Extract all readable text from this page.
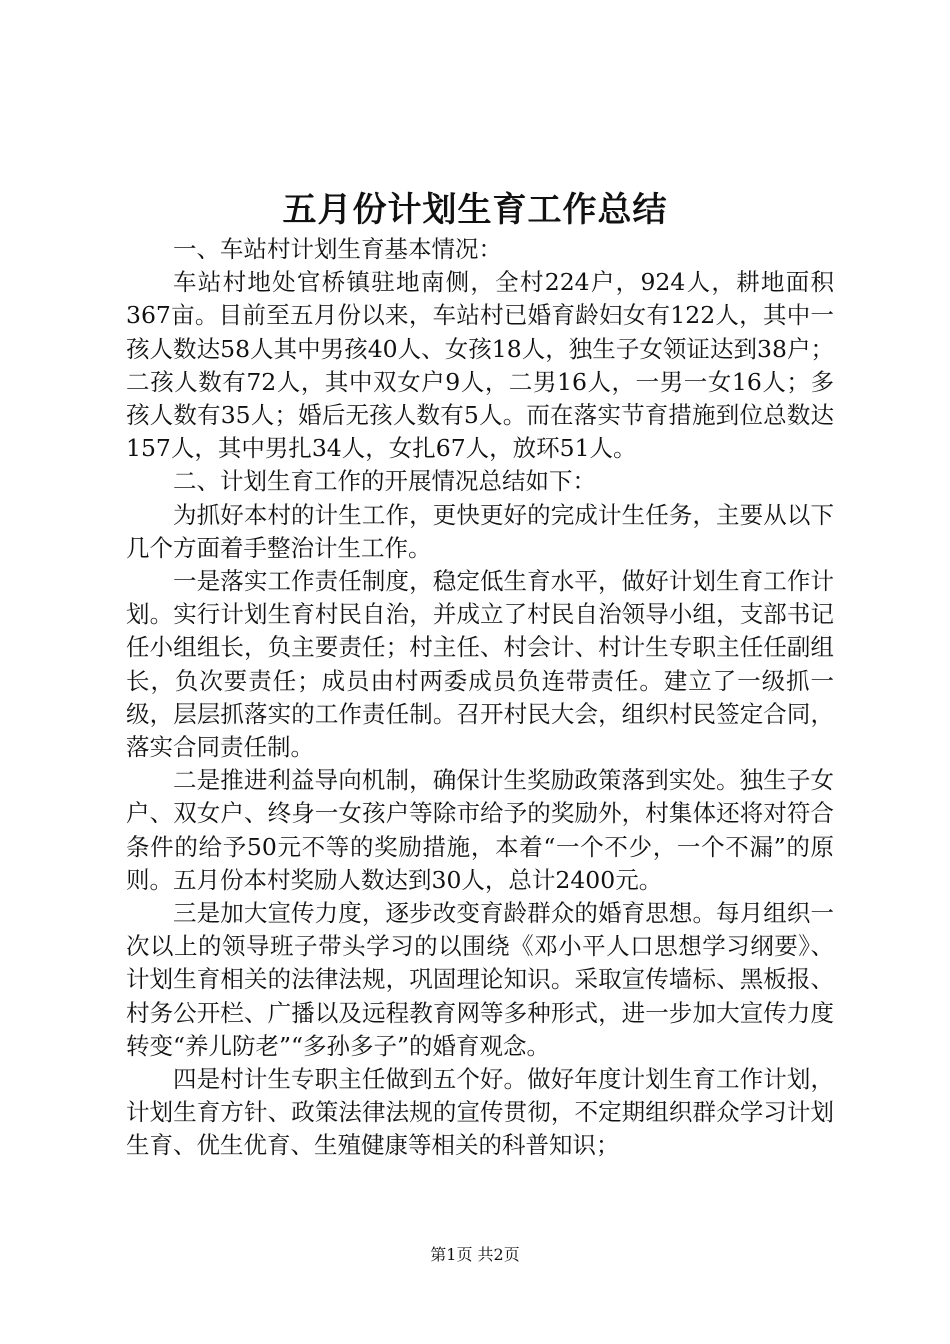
五月份计划生育工作总结

一、车站村计划生育基本情况：

车站村地处官桥镇驻地南侧，全村224户，924人，耕地面积367亩。目前至五月份以来，车站村已婚育龄妇女有122人，其中一孩人数达58人其中男孩40人、女孩18人，独生子女领证达到38户；二孩人数有72人，其中双女户9人，二男16人，一男一女16人；多孩人数有35人；婚后无孩人数有5人。而在落实节育措施到位总数达157人，其中男扎34人，女扎67人，放环51人。

二、计划生育工作的开展情况总结如下：

为抓好本村的计生工作，更快更好的完成计生任务，主要从以下几个方面着手整治计生工作。

一是落实工作责任制度，稳定低生育水平，做好计划生育工作计划。实行计划生育村民自治，并成立了村民自治领导小组，支部书记任小组组长，负主要责任；村主任、村会计、村计生专职主任任副组长，负次要责任；成员由村两委成员负连带责任。建立了一级抓一级，层层抓落实的工作责任制。召开村民大会，组织村民签定合同，落实合同责任制。

二是推进利益导向机制，确保计生奖励政策落到实处。独生子女户、双女户、终身一女孩户等除市给予的奖励外，村集体还将对符合条件的给予50元不等的奖励措施，本着“一个不少，一个不漏”的原则。五月份本村奖励人数达到30人，总计2400元。

三是加大宣传力度，逐步改变育龄群众的婚育思想。每月组织一次以上的领导班子带头学习的以围绕《邓小平人口思想学习纲要》、计划生育相关的法律法规，巩固理论知识。采取宣传墙标、黑板报、村务公开栏、广播以及远程教育网等多种形式，进一步加大宣传力度转变“养儿防老”“多孙多子”的婚育观念。

四是村计生专职主任做到五个好。做好年度计划生育工作计划，计划生育方针、政策法律法规的宣传贯彻，不定期组织群众学习计划生育、优生优育、生殖健康等相关的科普知识；

第1页 共2页
